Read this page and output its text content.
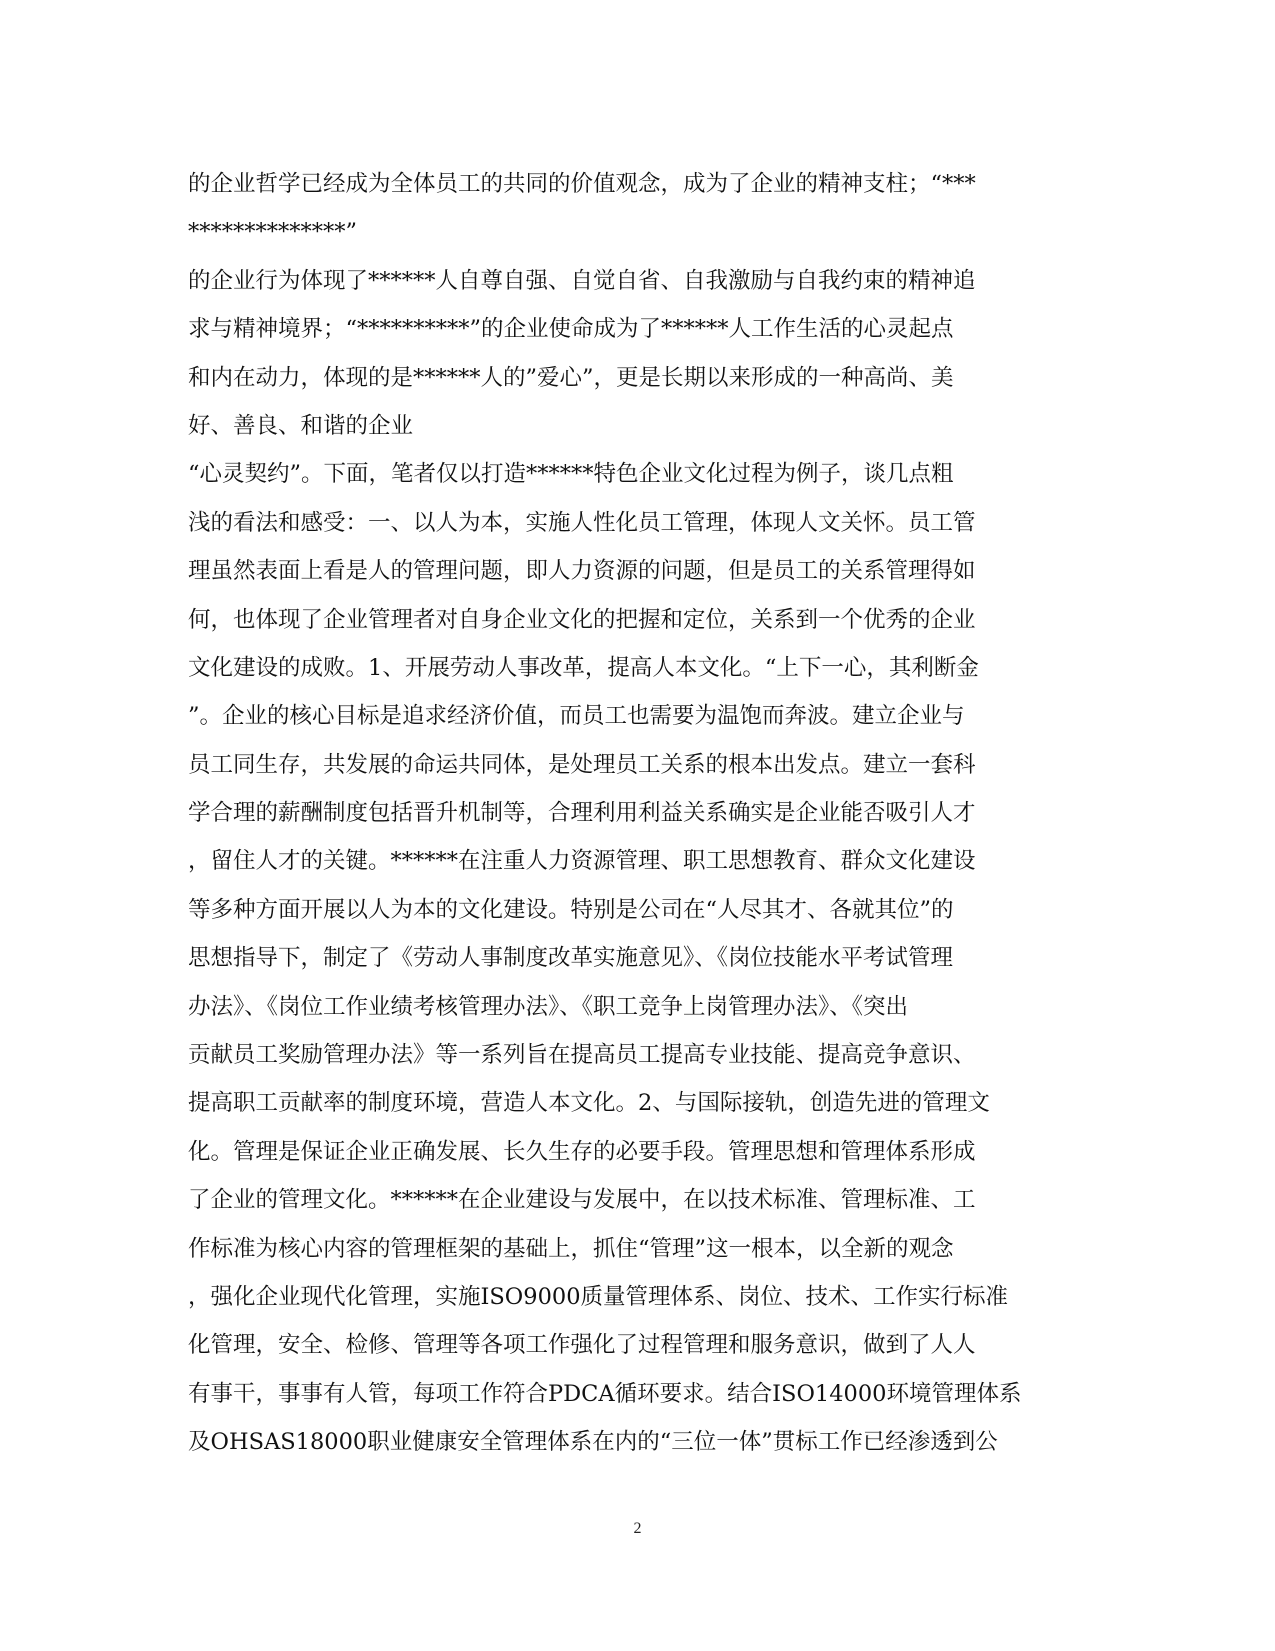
的企业哲学已经成为全体员工的共同的价值观念，成为了企业的精神支柱；“***
**************”
的企业行为体现了******人自尊自强、自觉自省、自我激励与自我约束的精神追
求与精神境界；“**********”的企业使命成为了******人工作生活的心灵起点
和内在动力，体现的是******人的”爱心”，更是长期以来形成的一种高尚、美
好、善良、和谐的企业
“心灵契约”。下面，笔者仅以打造******特色企业文化过程为例子，谈几点粗
浅的看法和感受：一、以人为本，实施人性化员工管理，体现人文关怀。员工管
理虽然表面上看是人的管理问题，即人力资源的问题，但是员工的关系管理得如
何，也体现了企业管理者对自身企业文化的把握和定位，关系到一个优秀的企业
文化建设的成败。1、开展劳动人事改革，提高人本文化。“上下一心，其利断金
”。企业的核心目标是追求经济价值，而员工也需要为温饱而奔波。建立企业与
员工同生存，共发展的命运共同体，是处理员工关系的根本出发点。建立一套科
学合理的薪酬制度包括晋升机制等，合理利用利益关系确实是企业能否吸引人才
，留住人才的关键。******在注重人力资源管理、职工思想教育、群众文化建设
等多种方面开展以人为本的文化建设。特别是公司在“人尽其才、各就其位”的
思想指导下，制定了《劳动人事制度改革实施意见》、《岗位技能水平考试管理
办法》、《岗位工作业绩考核管理办法》、《职工竞争上岗管理办法》、《突出
贡献员工奖励管理办法》等一系列旨在提高员工提高专业技能、提高竞争意识、
提高职工贡献率的制度环境，营造人本文化。2、与国际接轨，创造先进的管理文
化。管理是保证企业正确发展、长久生存的必要手段。管理思想和管理体系形成
了企业的管理文化。******在企业建设与发展中，在以技术标准、管理标准、工
作标准为核心内容的管理框架的基础上，抓住“管理”这一根本，以全新的观念
，强化企业现代化管理，实施ISO9000质量管理体系、岗位、技术、工作实行标准
化管理，安全、检修、管理等各项工作强化了过程管理和服务意识，做到了人人
有事干，事事有人管，每项工作符合PDCA循环要求。结合ISO14000环境管理体系
及OHSAS18000职业健康安全管理体系在内的“三位一体”贯标工作已经渗透到公
2
